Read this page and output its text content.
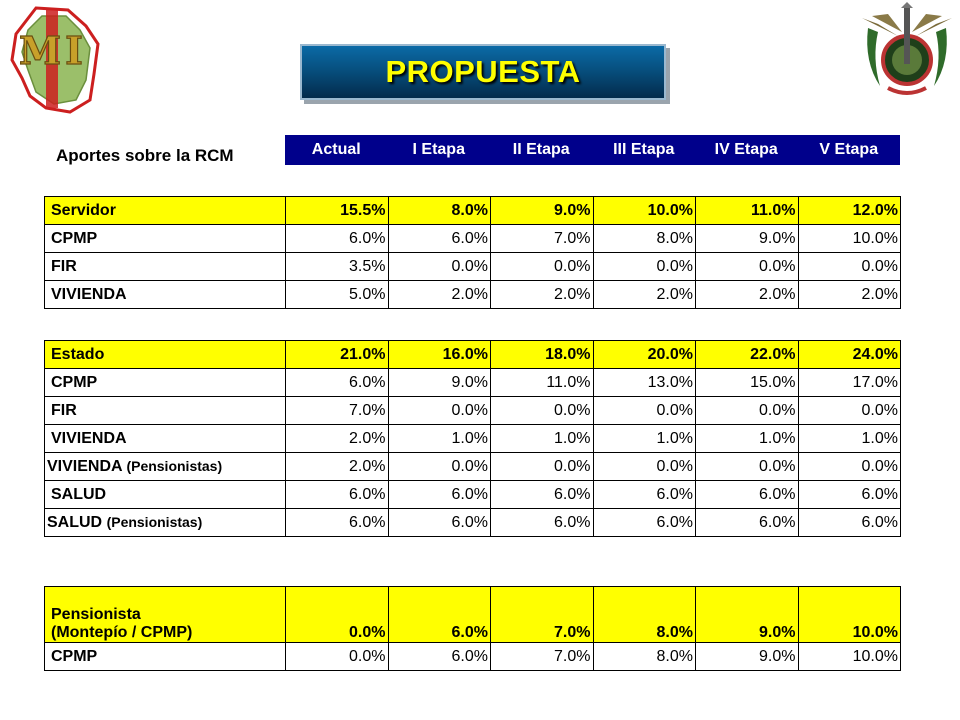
M I	PROPUESTA
Aportes sobre la RCM	Actual	I Etapa	II Etapa	III Etapa	IV Etapa	V Etapa
Servidor	15.5%	8.0%	9.0%	10.0%	11.0%	12.0%
CPMP	6.0%	6.0%	7.0%	8.0%	9.0%	10.0%
FIR	3.5%	0.0%	0.0%	0.0%	0.0%	0.0%
VIVIENDA	5.0%	2.0%	2.0%	2.0%	2.0%	2.0%
Estado	21.0%	16.0%	18.0%	20.0%	22.0%	24.0%
CPMP	6.0%	9.0%	11.0%	13.0%	15.0%	17.0%
FIR	7.0%	0.0%	0.0%	0.0%	0.0%	0.0%
VIVIENDA	2.0%	1.0%	1.0%	1.0%	1.0%	1.0%
VIVIENDA (Pensionistas)	2.0%	0.0%	0.0%	0.0%	0.0%	0.0%
SALUD	6.0%	6.0%	6.0%	6.0%	6.0%	6.0%
SALUD (Pensionistas)	6.0%	6.0%	6.0%	6.0%	6.0%	6.0%
Pensionista
(Montepío / CPMP)	0.0%	6.0%	7.0%	8.0%	9.0%	10.0%
CPMP	0.0%	6.0%	7.0%	8.0%	9.0%	10.0%
